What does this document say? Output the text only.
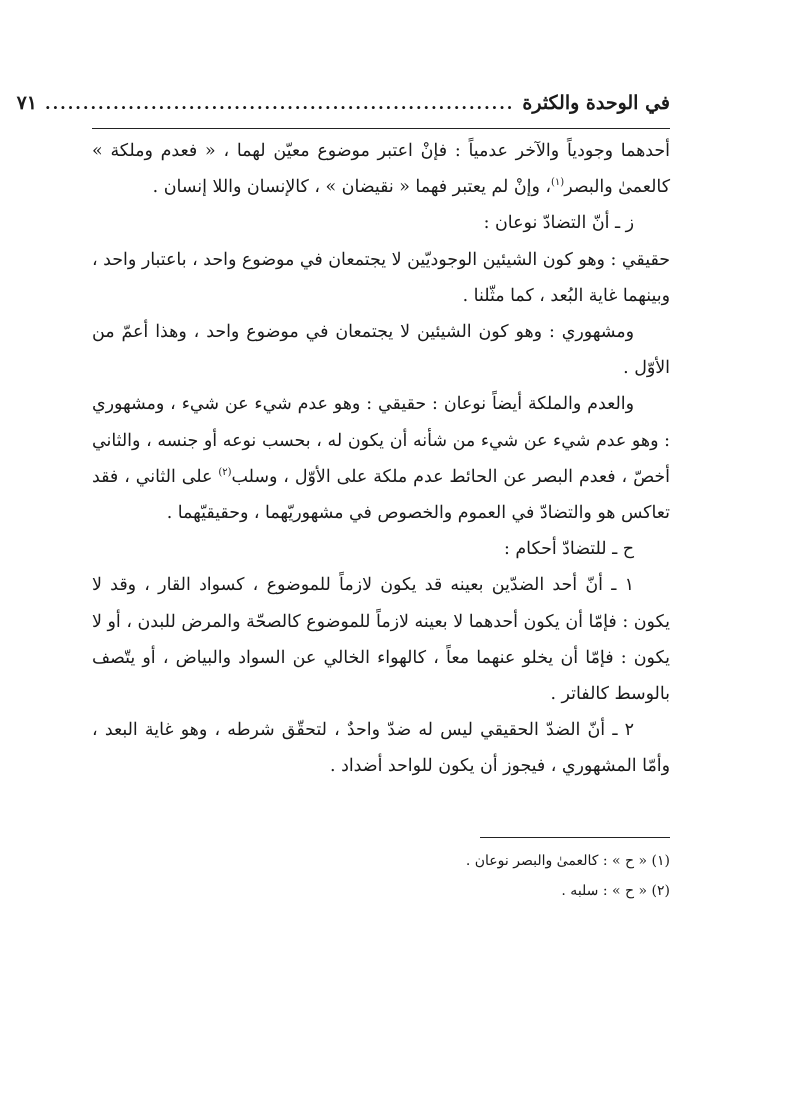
في الوحدة والكثرة
..............................................................
٧١

أحدهما وجودياً والآخر عدمياً : فإنْ اعتبر موضوع معيّن لهما ، « فعدم وملكة » كالعمىٰ والبصر$^{(١)}$، وإنْ لم يعتبر فهما « نقيضان » ، كالإنسان واللا إنسان .

ز ـ أنّ التضادّ نوعان :

حقيقي : وهو كون الشيئين الوجوديّين لا يجتمعان في موضوع واحد ، باعتبار واحد ، وبينهما غاية البُعد ، كما مثّلنا .

ومشهوري : وهو كون الشيئين لا يجتمعان في موضوع واحد ، وهذا أعمّ من الأوّل .

والعدم والملكة أيضاً نوعان : حقيقي : وهو عدم شيء عن شيء ، ومشهوري : وهو عدم شيء عن شيء من شأنه أن يكون له ، بحسب نوعه أو جنسه ، والثاني أخصّ ، فعدم البصر عن الحائط عدم ملكة على الأوّل ، وسلب$^{(٢)}$ على الثاني ، فقد تعاكس هو والتضادّ في العموم والخصوص في مشهوريّهما ، وحقيقيّهما .

ح ـ للتضادّ أحكام :

١ ـ أنّ أحد الضدّين بعينه قد يكون لازماً للموضوع ، كسواد القار ، وقد لا يكون : فإمّا أن يكون أحدهما لا بعينه لازماً للموضوع كالصحّة والمرض للبدن ، أو لا يكون : فإمّا أن يخلو عنهما معاً ، كالهواء الخالي عن السواد والبياض ، أو يتّصف بالوسط كالفاتر .

٢ ـ أنّ الضدّ الحقيقي ليس له ضدّ واحدٌ ، لتحقّق شرطه ، وهو غاية البعد ، وأمّا المشهوري ، فيجوز أن يكون للواحد أضداد .

(١) « ح » : كالعمىٰ والبصر نوعان .
(٢) « ح » : سلبه .
